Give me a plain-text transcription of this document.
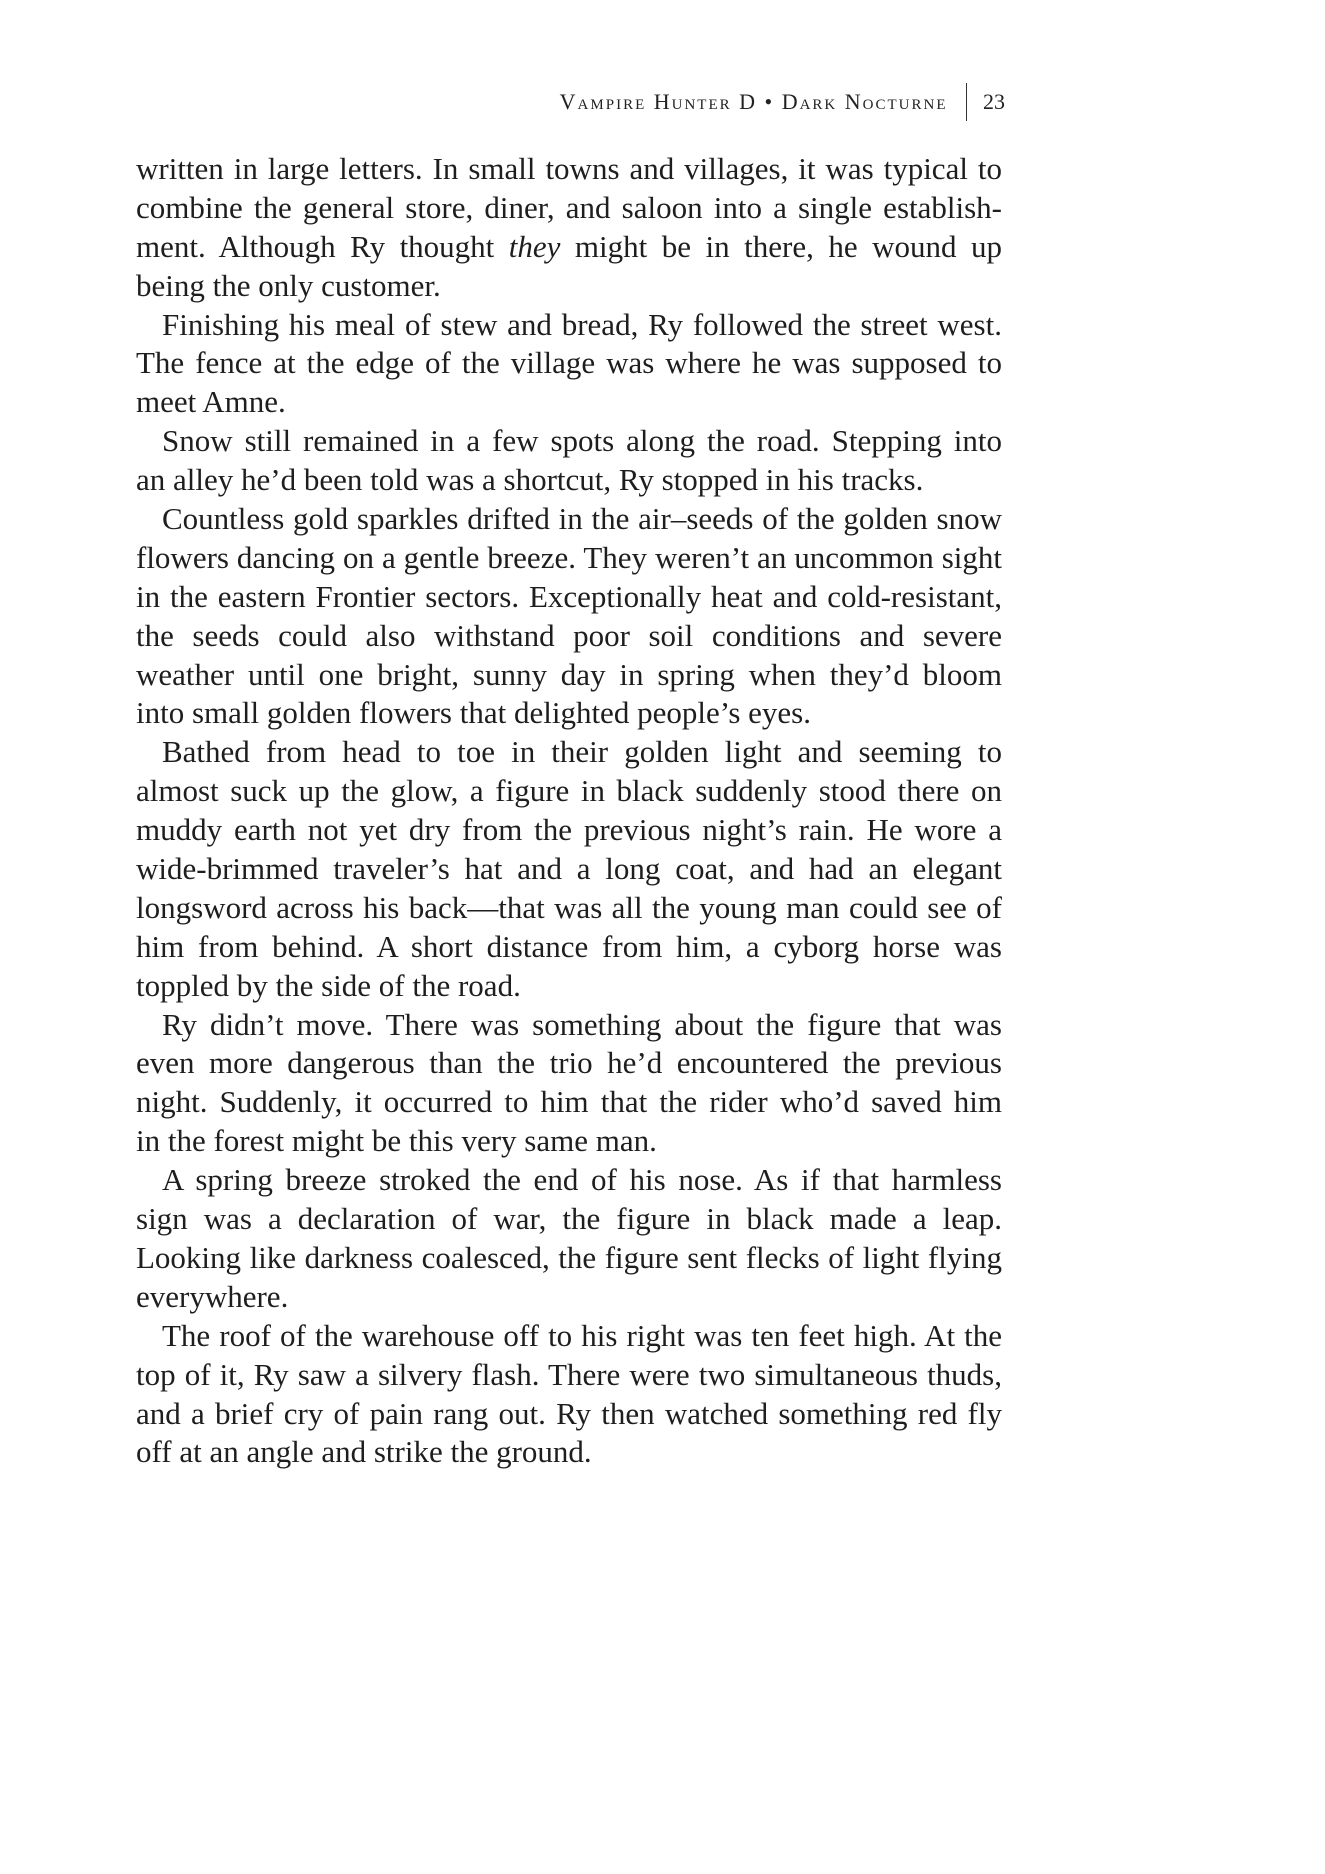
Vampire Hunter D • Dark Nocturne 23

written in large letters. In small towns and villages, it was typical to
combine the general store, diner, and saloon into a single establish-
ment. Although Ry thought they might be in there, he wound up
being the only customer.

Finishing his meal of stew and bread, Ry followed the street west.
The fence at the edge of the village was where he was supposed to
meet Amne.

Snow still remained in a few spots along the road. Stepping into
an alley he’d been told was a shortcut, Ry stopped in his tracks.

Countless gold sparkles drifted in the air–seeds of the golden snow
flowers dancing on a gentle breeze. They weren’t an uncommon sight
in the eastern Frontier sectors. Exceptionally heat and cold-resistant,
the seeds could also withstand poor soil conditions and severe
weather until one bright, sunny day in spring when they’d bloom
into small golden flowers that delighted people’s eyes.

Bathed from head to toe in their golden light and seeming to
almost suck up the glow, a figure in black suddenly stood there on
muddy earth not yet dry from the previous night’s rain. He wore a
wide-brimmed traveler’s hat and a long coat, and had an elegant
longsword across his back—that was all the young man could see of
him from behind. A short distance from him, a cyborg horse was
toppled by the side of the road.

Ry didn’t move. There was something about the figure that was
even more dangerous than the trio he’d encountered the previous
night. Suddenly, it occurred to him that the rider who’d saved him
in the forest might be this very same man.

A spring breeze stroked the end of his nose. As if that harmless
sign was a declaration of war, the figure in black made a leap.
Looking like darkness coalesced, the figure sent flecks of light flying
everywhere.

The roof of the warehouse off to his right was ten feet high. At the
top of it, Ry saw a silvery flash. There were two simultaneous thuds,
and a brief cry of pain rang out. Ry then watched something red fly
off at an angle and strike the ground.
